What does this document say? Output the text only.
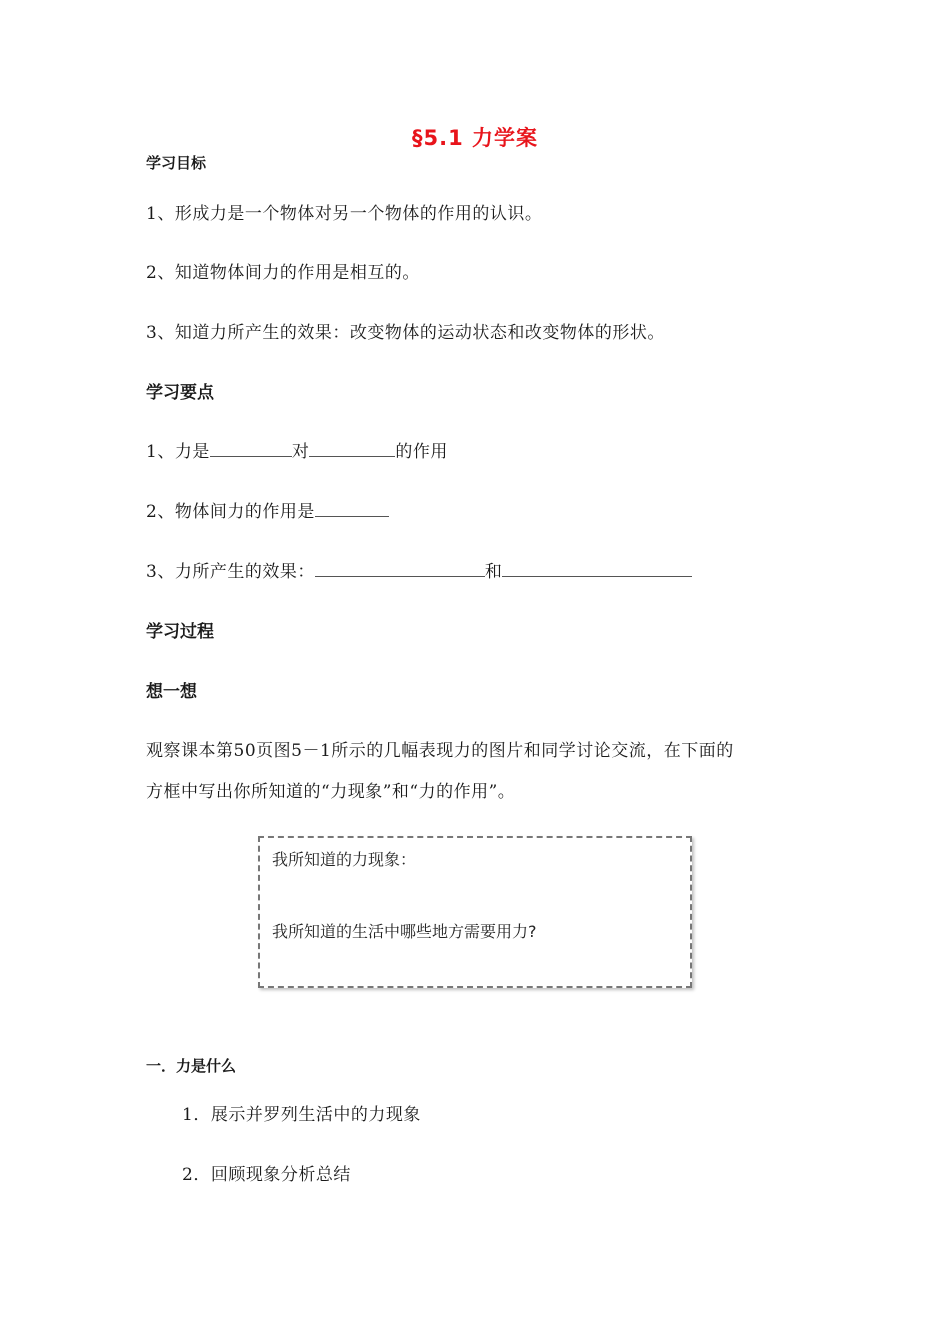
§5.1 力学案
学习目标
1、形成力是一个物体对另一个物体的作用的认识。
2、知道物体间力的作用是相互的。
3、知道力所产生的效果：改变物体的运动状态和改变物体的形状。
学习要点
1、力是	对	的作用
2、物体间力的作用是
3、力所产生的效果：	和
学习过程
想一想
观察课本第50页图5－1所示的几幅表现力的图片和同学讨论交流，在下面的
方框中写出你所知道的“力现象”和“力的作用”。
我所知道的力现象：
我所知道的生活中哪些地方需要用力?
一．力是什么
1．展示并罗列生活中的力现象
2．回顾现象分析总结
